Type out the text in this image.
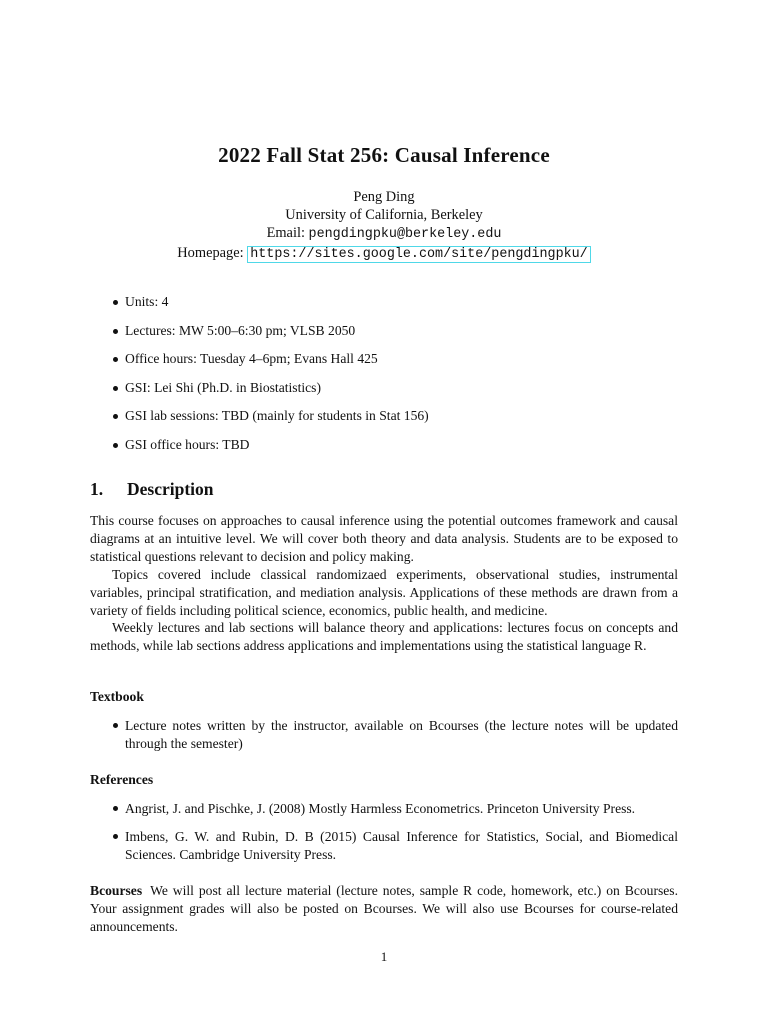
2022 Fall Stat 256: Causal Inference
Peng Ding
University of California, Berkeley
Email: pengdingpku@berkeley.edu
Homepage: https://sites.google.com/site/pengdingpku/
Units: 4
Lectures: MW 5:00–6:30 pm; VLSB 2050
Office hours: Tuesday 4–6pm; Evans Hall 425
GSI: Lei Shi (Ph.D. in Biostatistics)
GSI lab sessions: TBD (mainly for students in Stat 156)
GSI office hours: TBD
1. Description

This course focuses on approaches to causal inference using the potential outcomes framework and causal diagrams at an intuitive level. We will cover both theory and data analysis. Students are to be exposed to statistical questions relevant to decision and policy making.

Topics covered include classical randomizaed experiments, observational studies, instrumental variables, principal stratification, and mediation analysis. Applications of these methods are drawn from a variety of fields including political science, economics, public health, and medicine.

Weekly lectures and lab sections will balance theory and applications: lectures focus on concepts and methods, while lab sections address applications and implementations using the statistical language R.

Textbook
Lecture notes written by the instructor, available on Bcourses (the lecture notes will be updated through the semester)
References
Angrist, J. and Pischke, J. (2008) Mostly Harmless Econometrics. Princeton University Press.
Imbens, G. W. and Rubin, D. B (2015) Causal Inference for Statistics, Social, and Biomedical Sciences. Cambridge University Press.

Bcourses We will post all lecture material (lecture notes, sample R code, homework, etc.) on Bcourses. Your assignment grades will also be posted on Bcourses. We will also use Bcourses for course-related announcements.

1
